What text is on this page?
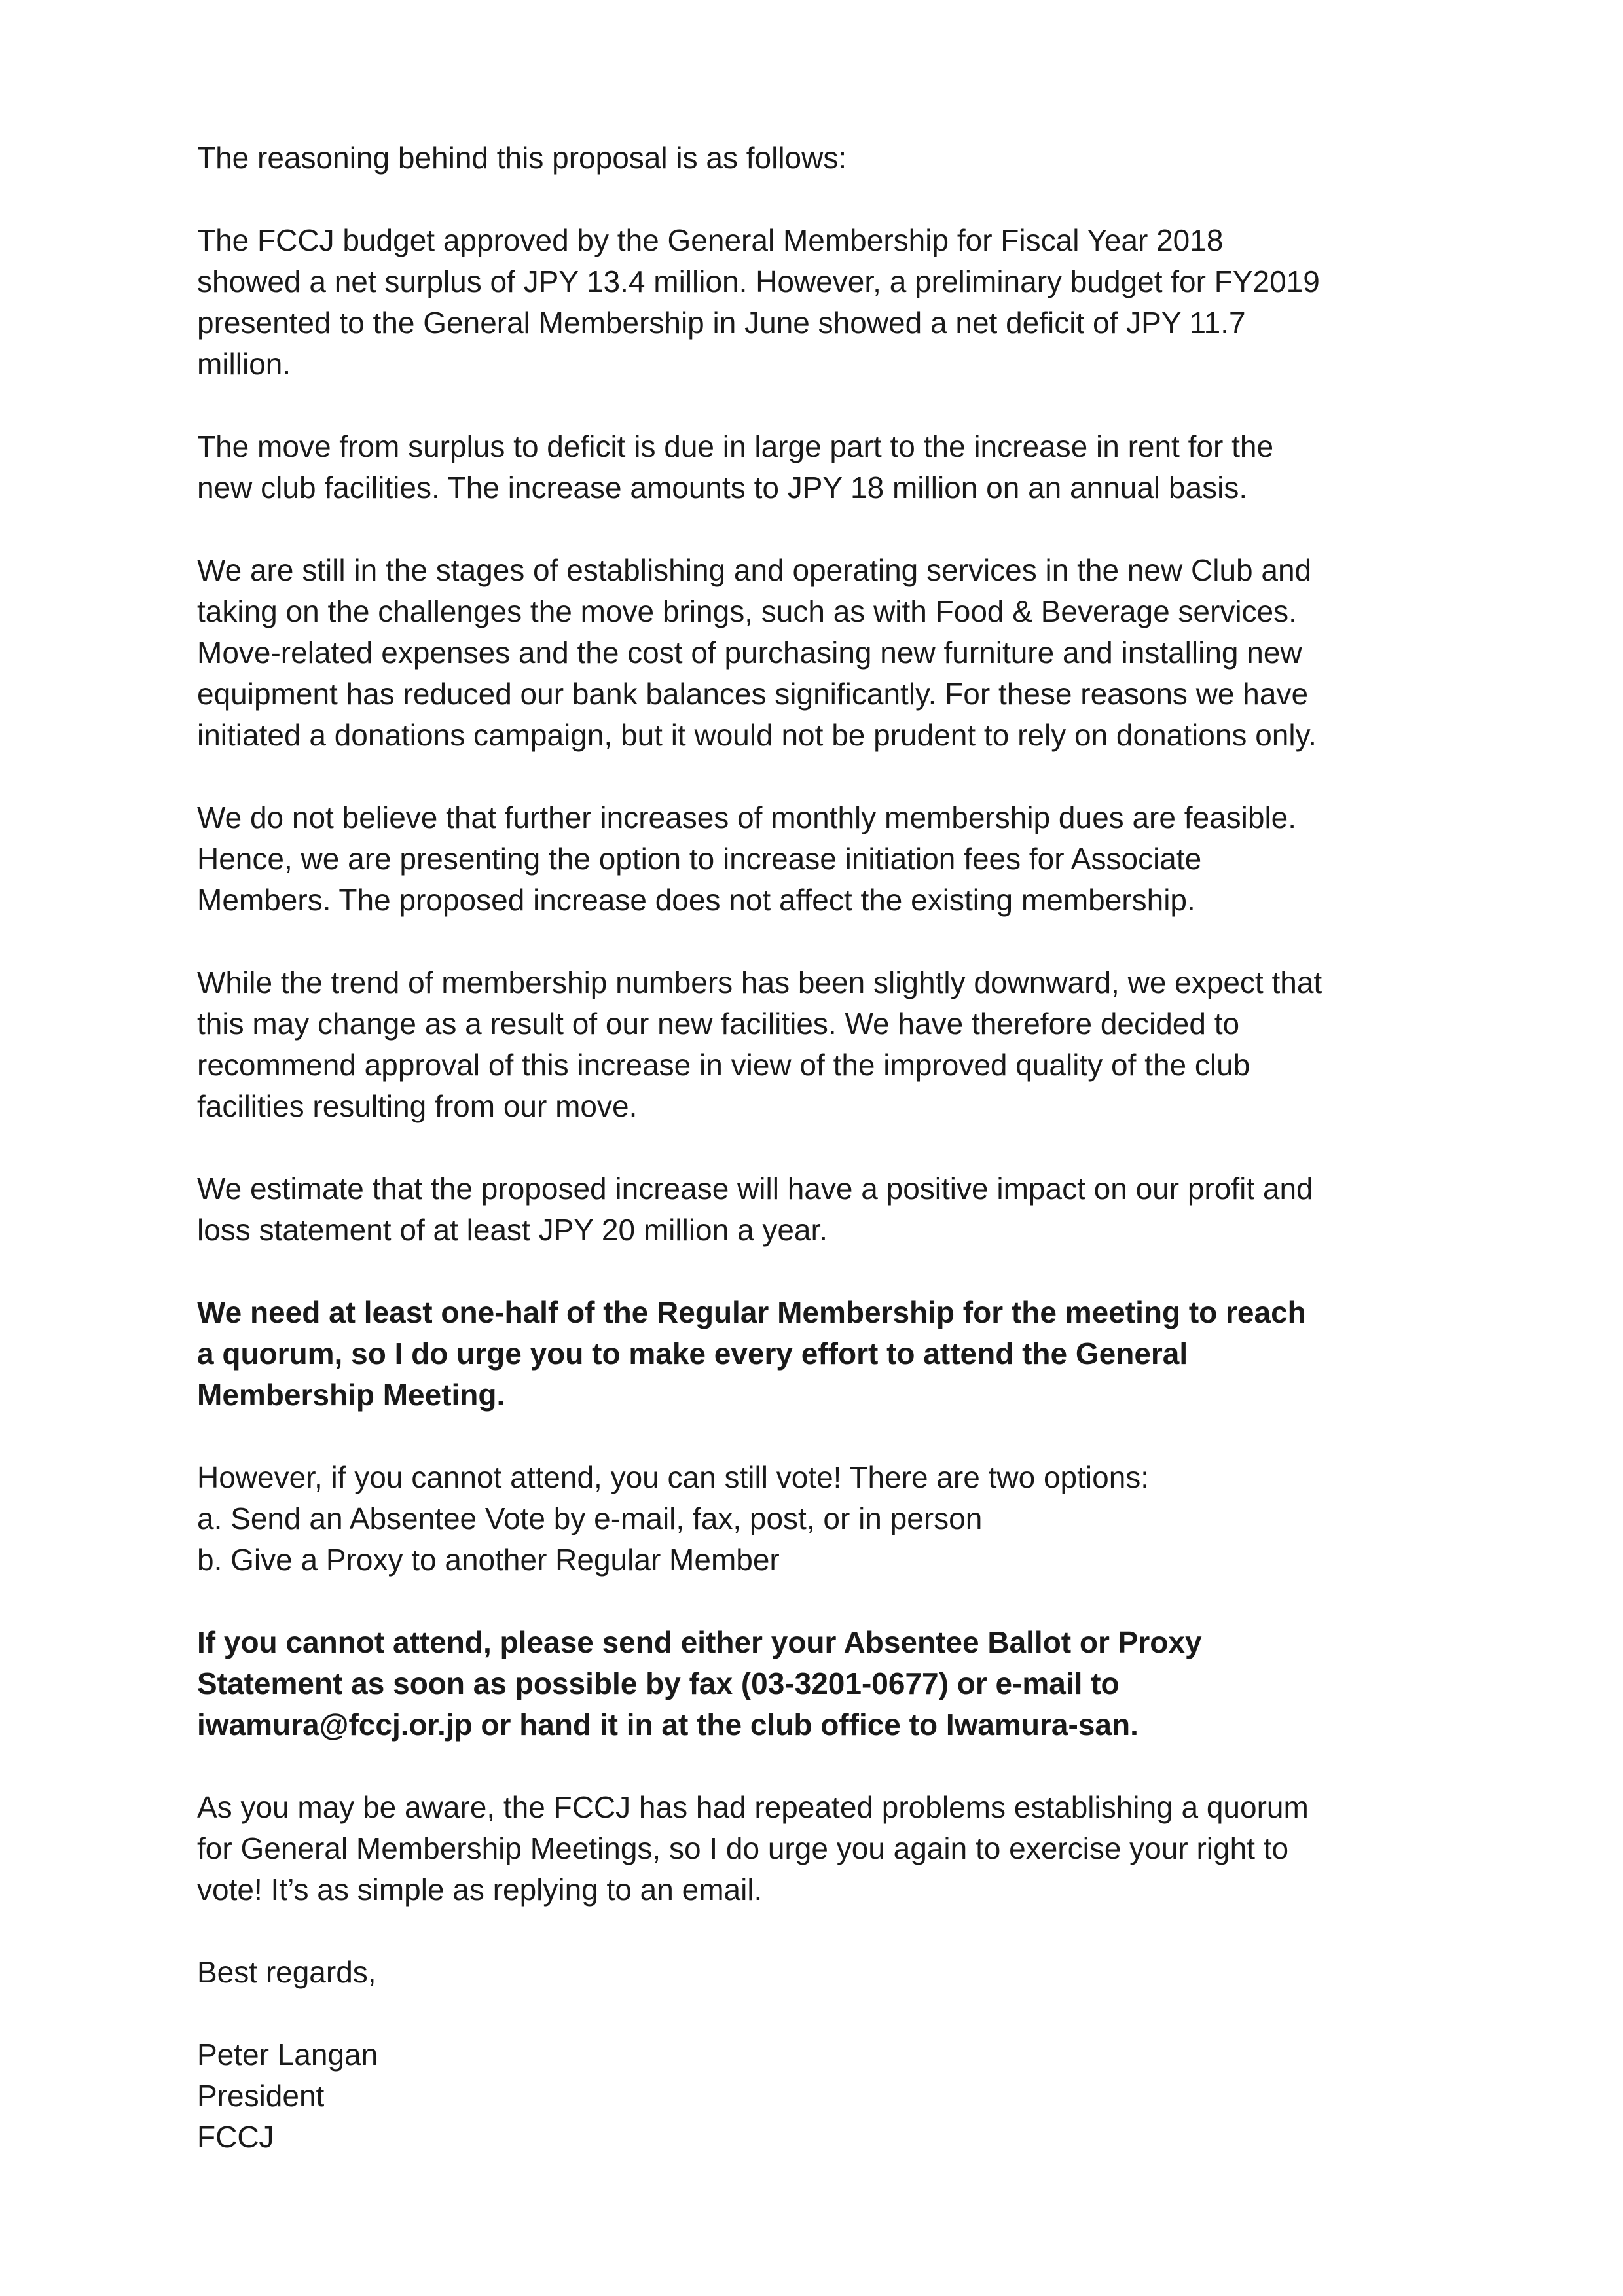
The reasoning behind this proposal is as follows:

The FCCJ budget approved by the General Membership for Fiscal Year 2018
showed a net surplus of JPY 13.4 million. However, a preliminary budget for FY2019
presented to the General Membership in June showed a net deficit of JPY 11.7
million.

The move from surplus to deficit is due in large part to the increase in rent for the
new club facilities. The increase amounts to JPY 18 million on an annual basis.

We are still in the stages of establishing and operating services in the new Club and
taking on the challenges the move brings, such as with Food & Beverage services.
Move-related expenses and the cost of purchasing new furniture and installing new
equipment has reduced our bank balances significantly. For these reasons we have
initiated a donations campaign, but it would not be prudent to rely on donations only.

We do not believe that further increases of monthly membership dues are feasible.
Hence, we are presenting the option to increase initiation fees for Associate
Members. The proposed increase does not affect the existing membership.

While the trend of membership numbers has been slightly downward, we expect that
this may change as a result of our new facilities. We have therefore decided to
recommend approval of this increase in view of the improved quality of the club
facilities resulting from our move.

We estimate that the proposed increase will have a positive impact on our profit and
loss statement of at least JPY 20 million a year.

We need at least one-half of the Regular Membership for the meeting to reach
a quorum, so I do urge you to make every effort to attend the General
Membership Meeting.

However, if you cannot attend, you can still vote! There are two options:
a. Send an Absentee Vote by e-mail, fax, post, or in person
b. Give a Proxy to another Regular Member

If you cannot attend, please send either your Absentee Ballot or Proxy
Statement as soon as possible by fax (03-3201-0677) or e-mail to
iwamura@fccj.or.jp or hand it in at the club office to Iwamura-san.

As you may be aware, the FCCJ has had repeated problems establishing a quorum
for General Membership Meetings, so I do urge you again to exercise your right to
vote! It’s as simple as replying to an email.

Best regards,

Peter Langan

President

FCCJ
